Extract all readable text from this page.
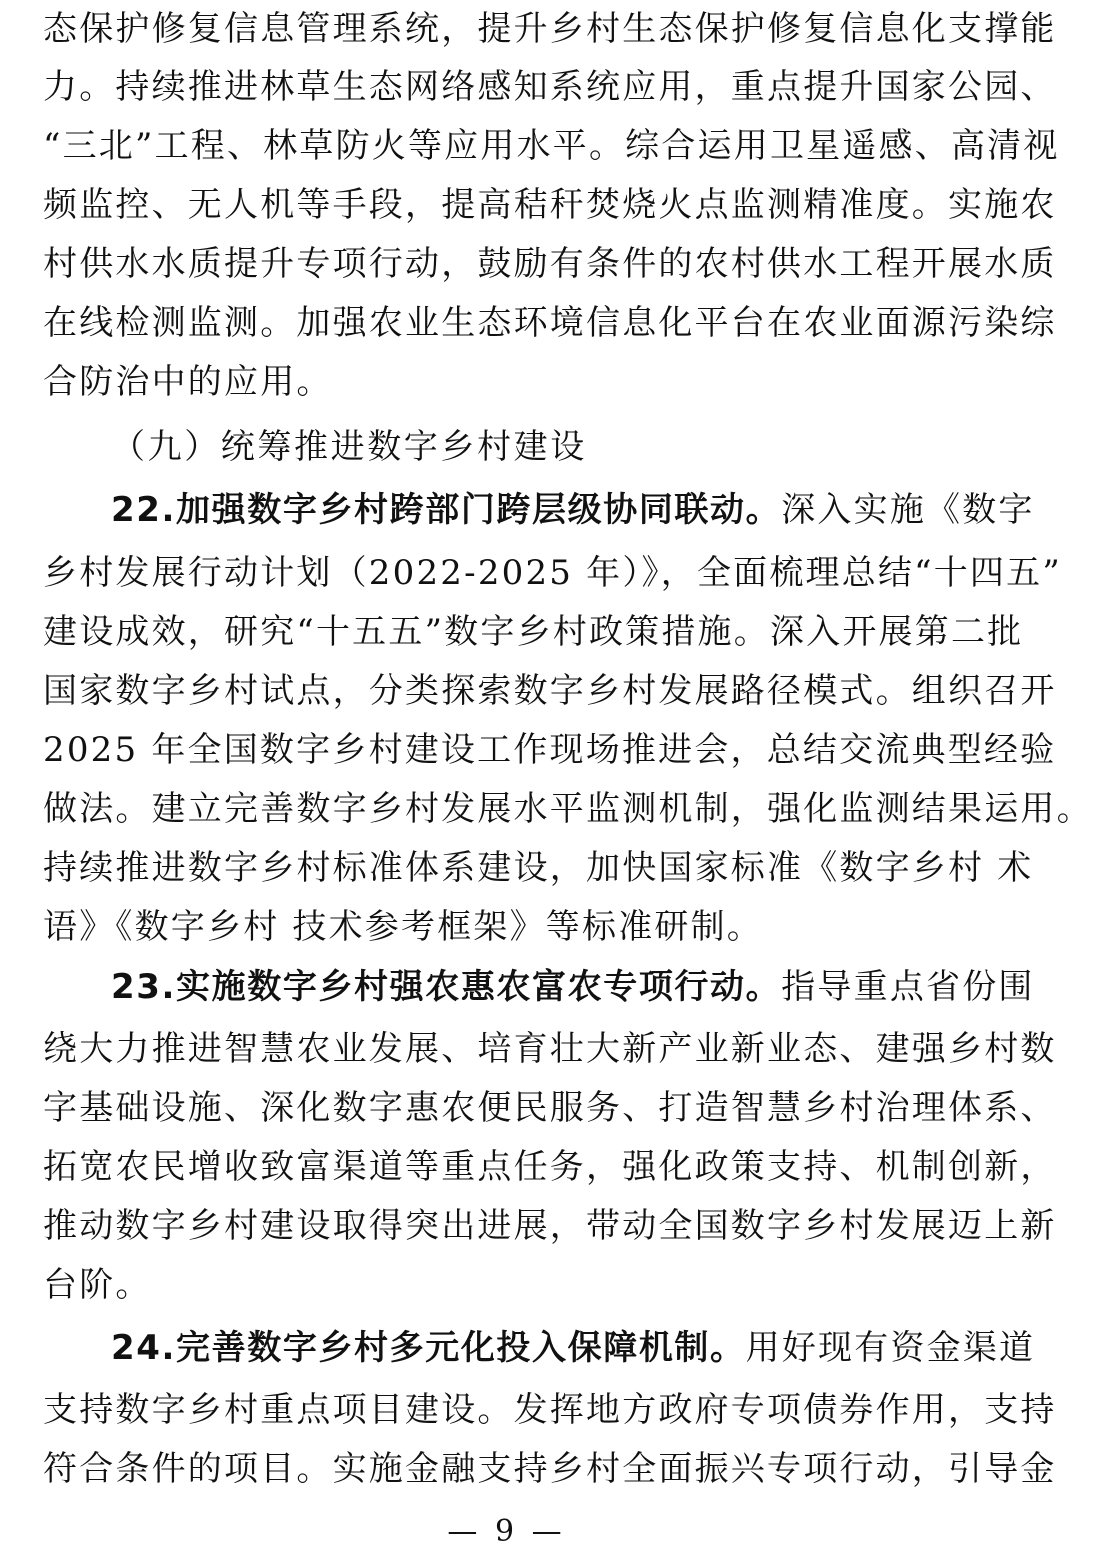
态保护修复信息管理系统，提升乡村生态保护修复信息化支撑能
力。持续推进林草生态网络感知系统应用，重点提升国家公园、
“三北”工程、林草防火等应用水平。综合运用卫星遥感、高清视
频监控、无人机等手段，提高秸秆焚烧火点监测精准度。实施农
村供水水质提升专项行动，鼓励有条件的农村供水工程开展水质
在线检测监测。加强农业生态环境信息化平台在农业面源污染综
合防治中的应用。
（九）统筹推进数字乡村建设
22.加强数字乡村跨部门跨层级协同联动。深入实施《数字
乡村发展行动计划（2022-2025 年）》，全面梳理总结“十四五”
建设成效，研究“十五五”数字乡村政策措施。深入开展第二批
国家数字乡村试点，分类探索数字乡村发展路径模式。组织召开
2025 年全国数字乡村建设工作现场推进会，总结交流典型经验
做法。建立完善数字乡村发展水平监测机制，强化监测结果运用。
持续推进数字乡村标准体系建设，加快国家标准《数字乡村 术
语》《数字乡村 技术参考框架》等标准研制。
23.实施数字乡村强农惠农富农专项行动。指导重点省份围
绕大力推进智慧农业发展、培育壮大新产业新业态、建强乡村数
字基础设施、深化数字惠农便民服务、打造智慧乡村治理体系、
拓宽农民增收致富渠道等重点任务，强化政策支持、机制创新，
推动数字乡村建设取得突出进展，带动全国数字乡村发展迈上新
台阶。
24.完善数字乡村多元化投入保障机制。用好现有资金渠道
支持数字乡村重点项目建设。发挥地方政府专项债券作用，支持
符合条件的项目。实施金融支持乡村全面振兴专项行动，引导金
— 9 —
